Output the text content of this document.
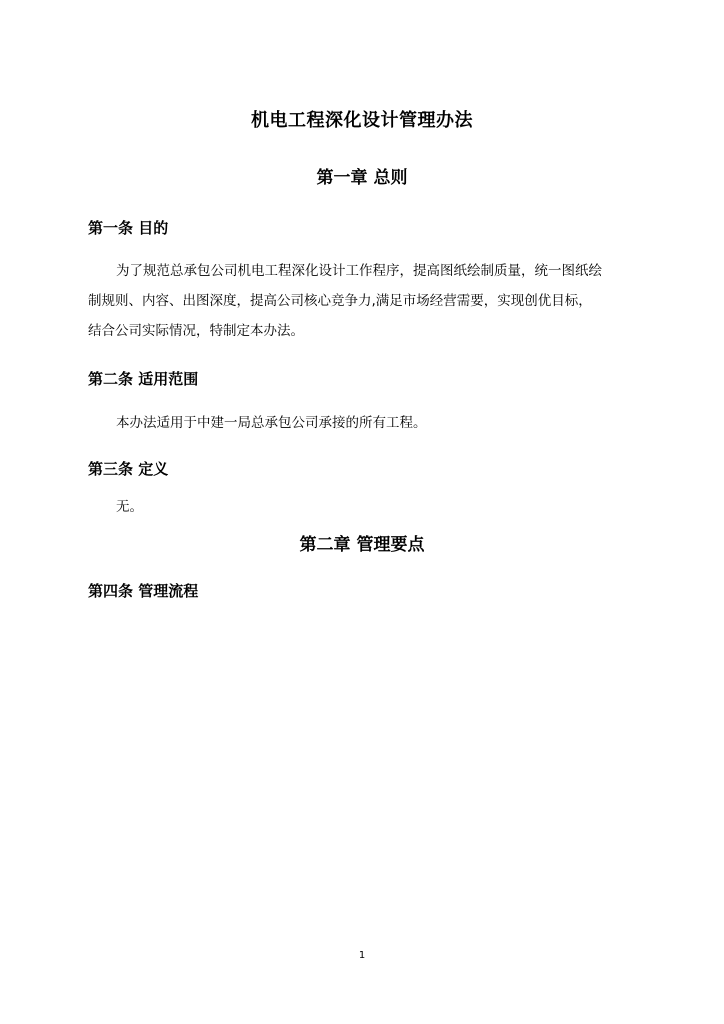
机电工程深化设计管理办法
第一章 总则
第一条 目的
为了规范总承包公司机电工程深化设计工作程序，提高图纸绘制质量，统一图纸绘
制规则、内容、出图深度，提高公司核心竞争力,满足市场经营需要，实现创优目标，
结合公司实际情况，特制定本办法。
第二条 适用范围
本办法适用于中建一局总承包公司承接的所有工程。
第三条 定义
无。
第二章 管理要点
第四条 管理流程
1
